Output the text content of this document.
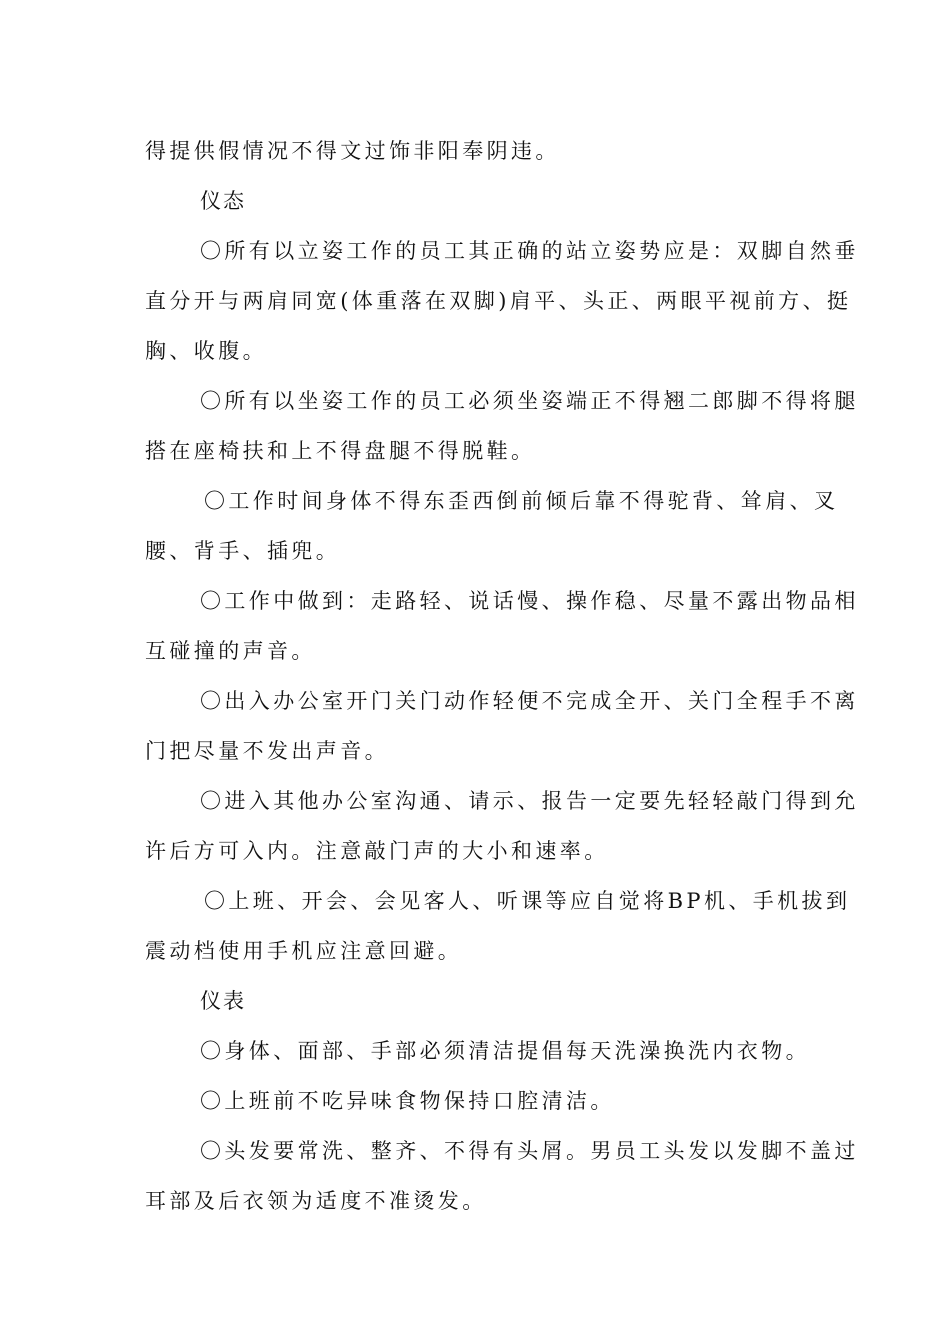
得提供假情况不得文过饰非阳奉阴违。
仪态
〇所有以立姿工作的员工其正确的站立姿势应是：双脚自然垂
直分开与两肩同宽(体重落在双脚)肩平、头正、两眼平视前方、挺
胸、收腹。
〇所有以坐姿工作的员工必须坐姿端正不得翘二郎脚不得将腿
搭在座椅扶和上不得盘腿不得脱鞋。
〇工作时间身体不得东歪西倒前倾后靠不得驼背、耸肩、叉
腰、背手、插兜。
〇工作中做到：走路轻、说话慢、操作稳、尽量不露出物品相
互碰撞的声音。
〇出入办公室开门关门动作轻便不完成全开、关门全程手不离
门把尽量不发出声音。
〇进入其他办公室沟通、请示、报告一定要先轻轻敲门得到允
许后方可入内。注意敲门声的大小和速率。
〇上班、开会、会见客人、听课等应自觉将BP机、手机拔到
震动档使用手机应注意回避。
仪表
〇身体、面部、手部必须清洁提倡每天洗澡换洗内衣物。
〇上班前不吃异味食物保持口腔清洁。
〇头发要常洗、整齐、不得有头屑。男员工头发以发脚不盖过
耳部及后衣领为适度不准烫发。
